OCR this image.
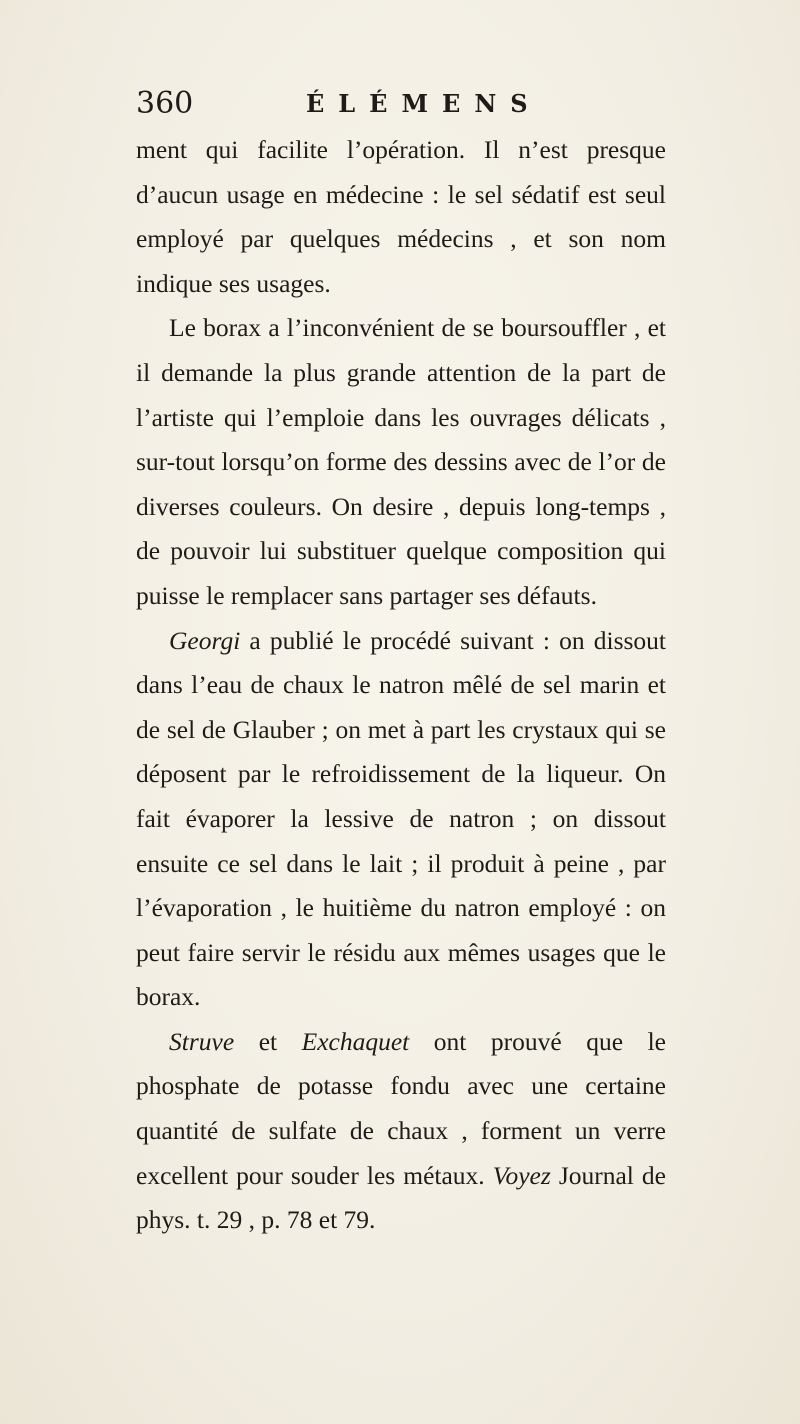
360	ÉLÉMENS

ment qui facilite l’opération. Il n’est presque d’aucun usage en médecine : le sel sédatif est seul employé par quelques médecins , et son nom indique ses usages.

Le borax a l’inconvénient de se boursouffler , et il demande la plus grande attention de la part de l’artiste qui l’emploie dans les ouvrages délicats , sur-tout lorsqu’on forme des dessins avec de l’or de diverses couleurs. On desire , depuis long-temps , de pouvoir lui substituer quelque composition qui puisse le remplacer sans partager ses défauts.

Georgi a publié le procédé suivant : on dissout dans l’eau de chaux le natron mêlé de sel marin et de sel de Glauber ; on met à part les crystaux qui se déposent par le refroidissement de la liqueur. On fait évaporer la lessive de natron ; on dissout ensuite ce sel dans le lait ; il produit à peine , par l’évaporation , le huitième du natron employé : on peut faire servir le résidu aux mêmes usages que le borax.

Struve et Exchaquet ont prouvé que le phosphate de potasse fondu avec une certaine quantité de sulfate de chaux , forment un verre excellent pour souder les métaux. Voyez Journal de phys. t. 29 , p. 78 et 79.
